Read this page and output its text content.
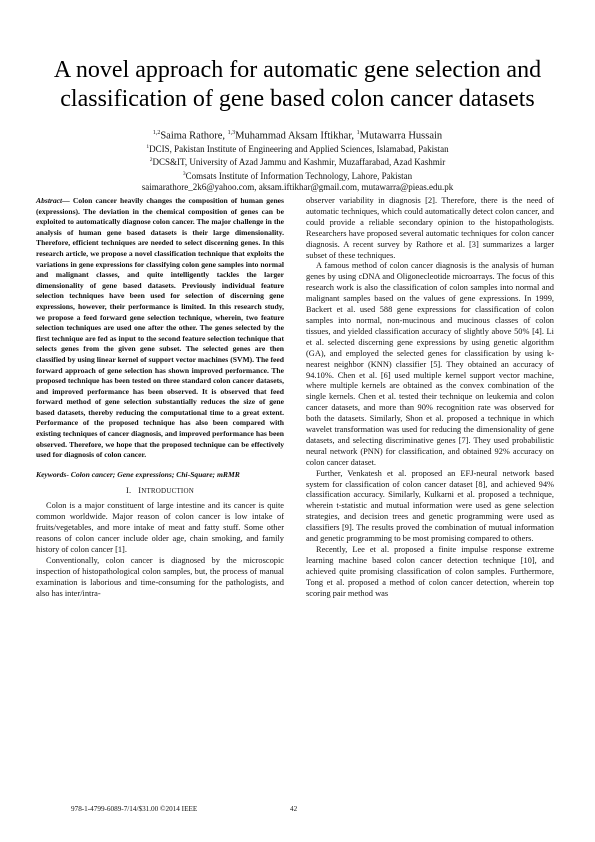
A novel approach for automatic gene selection and classification of gene based colon cancer datasets
$^{1,2}$Saima Rathore, $^{1,3}$Muhammad Aksam Iftikhar, $^1$Mutawarra Hussain
$^1$DCIS, Pakistan Institute of Engineering and Applied Sciences, Islamabad, Pakistan
$^2$DCS&IT, University of Azad Jammu and Kashmir, Muzaffarabad, Azad Kashmir
$^3$Comsats Institute of Information Technology, Lahore, Pakistan
saimarathore_2k6@yahoo.com, aksam.iftikhar@gmail.com, mutawarra@pieas.edu.pk
Abstract— Colon cancer heavily changes the composition of human genes (expressions). The deviation in the chemical composition of genes can be exploited to automatically diagnose colon cancer. The major challenge in the analysis of human gene based datasets is their large dimensionality. Therefore, efficient techniques are needed to select discerning genes. In this research article, we propose a novel classification technique that exploits the variations in gene expressions for classifying colon gene samples into normal and malignant classes, and quite intelligently tackles the larger dimensionality of gene based datasets. Previously individual feature selection techniques have been used for selection of discerning gene expressions, however, their performance is limited. In this research study, we propose a feed forward gene selection technique, wherein, two feature selection techniques are used one after the other. The genes selected by the first technique are fed as input to the second feature selection technique that selects genes from the given gene subset. The selected genes are then classified by using linear kernel of support vector machines (SVM). The feed forward approach of gene selection has shown improved performance. The proposed technique has been tested on three standard colon cancer datasets, and improved performance has been observed. It is observed that feed forward method of gene selection substantially reduces the size of gene based datasets, thereby reducing the computational time to a great extent. Performance of the proposed technique has also been compared with existing techniques of cancer diagnosis, and improved performance has been observed. Therefore, we hope that the proposed technique can be effectively used for diagnosis of colon cancer.
Keywords- Colon cancer; Gene expressions; Chi-Square; mRMR
I. INTRODUCTION

Colon is a major constituent of large intestine and its cancer is quite common worldwide. Major reason of colon cancer is low intake of fruits/vegetables, and more intake of meat and fatty stuff. Some other reasons of colon cancer include older age, chain smoking, and family history of colon cancer [1].

Conventionally, colon cancer is diagnosed by the microscopic inspection of histopathological colon samples, but, the process of manual examination is laborious and time-consuming for the pathologists, and also has inter/intra-

observer variability in diagnosis [2]. Therefore, there is the need of automatic techniques, which could automatically detect colon cancer, and could provide a reliable secondary opinion to the histopathologists. Researchers have proposed several automatic techniques for colon cancer diagnosis. A recent survey by Rathore et al. [3] summarizes a larger subset of these techniques.

A famous method of colon cancer diagnosis is the analysis of human genes by using cDNA and Oligonecleotide microarrays. The focus of this research work is also the classification of colon samples into normal and malignant samples based on the values of gene expressions. In 1999, Backert et al. used 588 gene expressions for classification of colon samples into normal, non-mucinous and mucinous classes of colon tissues, and yielded classification accuracy of slightly above 50% [4]. Li et al. selected discerning gene expressions by using genetic algorithm (GA), and employed the selected genes for classification by using k-nearest neighbor (KNN) classifier [5]. They obtained an accuracy of 94.10%. Chen et al. [6] used multiple kernel support vector machine, where multiple kernels are obtained as the convex combination of the single kernels. Chen et al. tested their technique on leukemia and colon cancer datasets, and more than 90% recognition rate was observed for both the datasets. Similarly, Shon et al. proposed a technique in which wavelet transformation was used for reducing the dimensionality of gene datasets, and selecting discriminative genes [7]. They used probabilistic neural network (PNN) for classification, and obtained 92% accuracy on colon cancer dataset.

Further, Venkatesh et al. proposed an EFJ-neural network based system for classification of colon cancer dataset [8], and achieved 94% classification accuracy. Similarly, Kulkarni et al. proposed a technique, wherein t-statistic and mutual information were used as gene selection strategies, and decision trees and genetic programming were used as classifiers [9]. The results proved the combination of mutual information and genetic programming to be most promising compared to others.

Recently, Lee et al. proposed a finite impulse response extreme learning machine based colon cancer detection technique [10], and achieved quite promising classification of colon samples. Furthermore, Tong et al. proposed a method of colon cancer detection, wherein top scoring pair method was

978-1-4799-6089-7/14/$31.00 ©2014 IEEE	42
